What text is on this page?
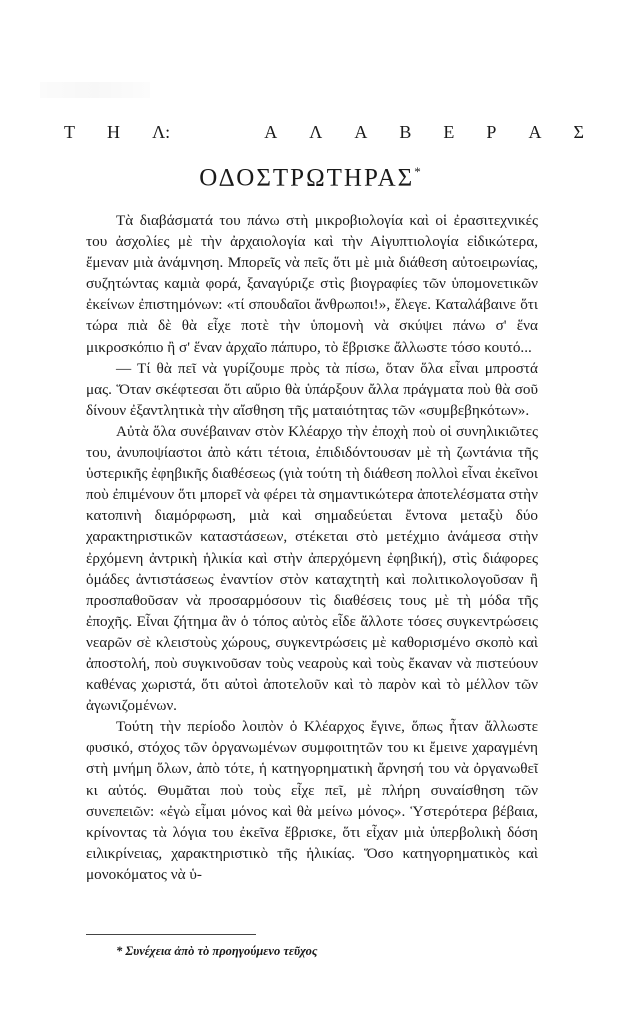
Τ Η Λ:	Α Λ Α Β Ε Ρ Α Σ
ΟΔΟΣΤΡΩΤΗΡΑΣ*

Τὰ διαβάσματά του πάνω στὴ μικροβιολογία καὶ οἱ ἐρασιτεχνικές του ἀσχολίες μὲ τὴν ἀρχαιολογία καὶ τὴν Αἰγυπτιολογία εἰδικώτερα, ἔμεναν μιὰ ἀνάμνηση. Μπορεῖς νὰ πεῖς ὅτι μὲ μιὰ διάθεση αὐτοειρωνίας, συζητώντας καμιὰ φορά, ξαναγύριζε στὶς βιογραφίες τῶν ὑπομονετικῶν ἐκείνων ἐπιστημόνων: «τί σπουδαῖοι ἄνθρωποι!», ἔλεγε. Καταλάβαινε ὅτι τώρα πιὰ δὲ θὰ εἶχε ποτὲ τὴν ὑπομονὴ νὰ σκύψει πάνω σ' ἕνα μικροσκόπιο ἢ σ' ἕναν ἀρχαῖο πάπυρο, τὸ ἔβρισκε ἄλλωστε τόσο κουτό...

— Τί θὰ πεῖ νὰ γυρίζουμε πρὸς τὰ πίσω, ὅταν ὅλα εἶναι μπροστά μας. Ὅταν σκέφτεσαι ὅτι αὔριο θὰ ὑπάρξουν ἄλλα πράγματα ποὺ θὰ σοῦ δίνουν ἐξαντλητικὰ τὴν αἴσθηση τῆς ματαιότητας τῶν «συμβεβηκότων».

Αὐτὰ ὅλα συνέβαιναν στὸν Κλέαρχο τὴν ἐποχὴ ποὺ οἱ συνηλικιῶτες του, ἀνυποψίαστοι ἀπὸ κάτι τέτοια, ἐπιδιδόντουσαν μὲ τὴ ζωντάνια τῆς ὑστερικῆς ἐφηβικῆς διαθέσεως (γιὰ τούτη τὴ διάθεση πολλοὶ εἶναι ἐκεῖνοι ποὺ ἐπιμένουν ὅτι μπορεῖ νὰ φέρει τὰ σημαντικώτερα ἀποτελέσματα στὴν κατοπινὴ διαμόρφωση, μιὰ καὶ σημαδεύεται ἔντονα μεταξὺ δύο χαρακτηριστικῶν καταστάσεων, στέκεται στὸ μετέχμιο ἀνάμεσα στὴν ἐρχόμενη ἀντρικὴ ἡλικία καὶ στὴν ἀπερχόμενη ἐφηβική), στὶς διάφορες ὁμάδες ἀντιστάσεως ἐναντίον στὸν καταχτητὴ καὶ πολιτικολογοῦσαν ἢ προσπαθοῦσαν νὰ προσαρμόσουν τὶς διαθέσεις τους μὲ τὴ μόδα τῆς ἐποχῆς. Εἶναι ζήτημα ἂν ὁ τόπος αὐτὸς εἶδε ἄλλοτε τόσες συγκεντρώσεις νεαρῶν σὲ κλειστοὺς χώρους, συγκεντρώσεις μὲ καθορισμένο σκοπὸ καὶ ἀποστολή, ποὺ συγκινοῦσαν τοὺς νεαροὺς καὶ τοὺς ἔκαναν νὰ πιστεύουν καθένας χωριστά, ὅτι αὐτοὶ ἀποτελοῦν καὶ τὸ παρὸν καὶ τὸ μέλλον τῶν ἀγωνιζομένων.

Τούτη τὴν περίοδο λοιπὸν ὁ Κλέαρχος ἔγινε, ὅπως ἦταν ἄλλωστε φυσικό, στόχος τῶν ὀργανωμένων συμφοιτητῶν του κι ἔμεινε χαραγμένη στὴ μνήμη ὅλων, ἀπὸ τότε, ἡ κατηγορηματικὴ ἄρνησή του νὰ ὀργανωθεῖ κι αὐτός. Θυμᾶται ποὺ τοὺς εἶχε πεῖ, μὲ πλήρη συναίσθηση τῶν συνεπειῶν: «ἐγὼ εἶμαι μόνος καὶ θὰ μείνω μόνος». Ὑστερότερα βέβαια, κρίνοντας τὰ λόγια του ἐκεῖνα ἔβρισκε, ὅτι εἶχαν μιὰ ὑπερβολικὴ δόση ειλικρίνειας, χαρακτηριστικὸ τῆς ἡλικίας. Ὅσο κατηγορηματικὸς καὶ μονοκόματος νὰ ὑ-

* Συνέχεια ἀπὸ τὸ προηγούμενο τεῦχος
